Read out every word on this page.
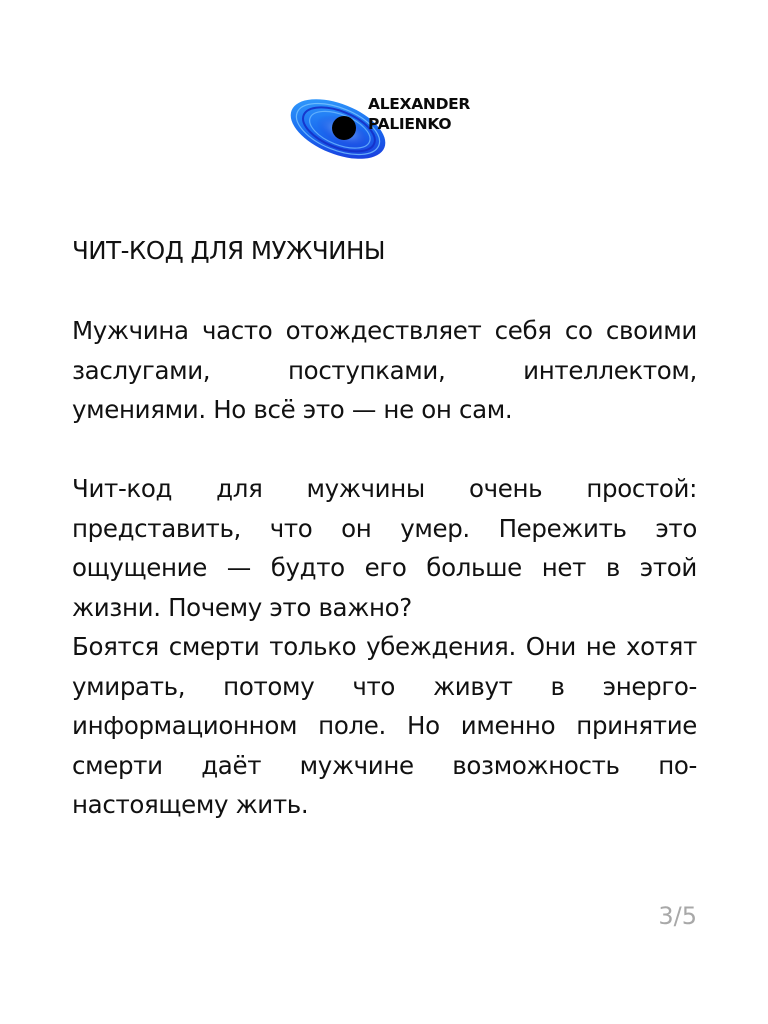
ALEXANDER
PALIENKO
ЧИТ-КОД ДЛЯ МУЖЧИНЫ

Мужчина часто отождествляет себя со своими заслугами, поступками, интеллектом, умениями. Но всё это — не он сам.

Чит-код для мужчины очень простой: представить, что он умер. Пережить это ощущение — будто его больше нет в этой жизни. Почему это важно?

Боятся смерти только убеждения. Они не хотят умирать, потому что живут в энерго-информационном поле. Но именно принятие смерти даёт мужчине возможность по-настоящему жить.

3/5
